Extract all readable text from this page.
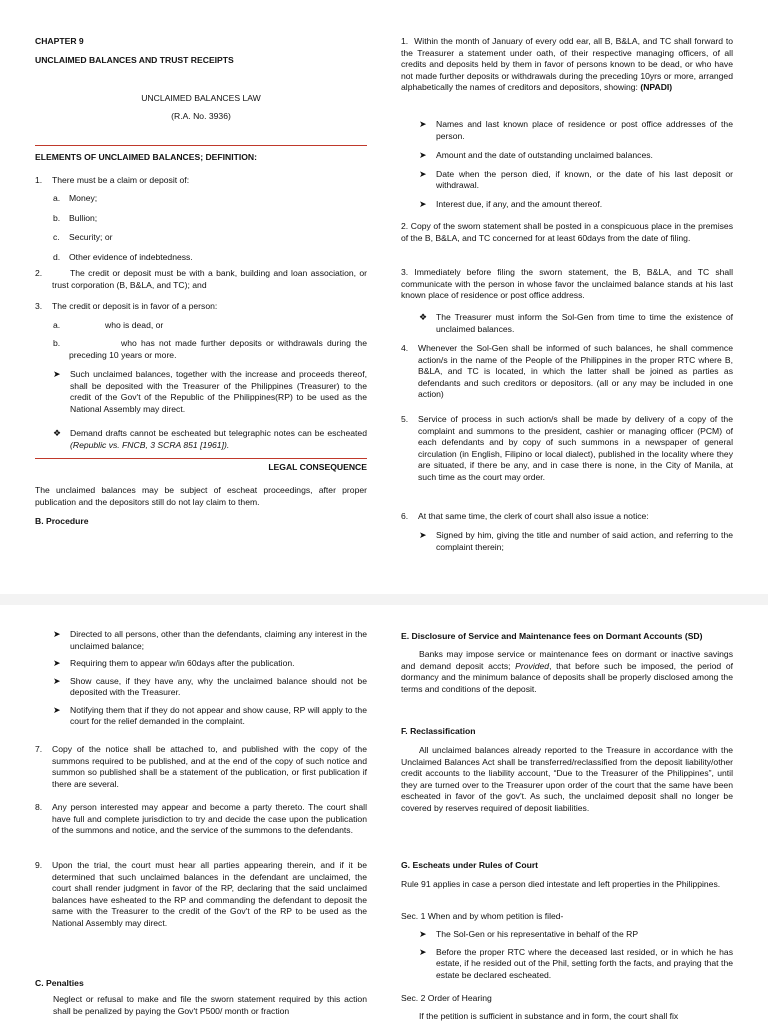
CHAPTER 9

UNCLAIMED BALANCES AND TRUST RECEIPTS

UNCLAIMED BALANCES LAW

(R.A. No. 3936)

ELEMENTS OF UNCLAIMED BALANCES; DEFINITION:

1.	There must be a claim or deposit of:
a.	Money;
b.	Bullion;
c.	Security; or
d.	Other evidence of indebtedness.
2.	The credit or deposit must be with a bank, building and loan association, or trust corporation (B, B&LA, and TC); and
3.	The credit or deposit is in favor of a person:
a.	who is dead, or
b.	who has not made further deposits or withdrawals during the preceding 10 years or more.
➤	Such unclaimed balances, together with the increase and proceeds thereof, shall be deposited with the Treasurer of the Philippines (Treasurer) to the credit of the Gov't of the Republic of the Philippines(RP) to be used as the National Assembly may direct.
❖	Demand drafts cannot be escheated but telegraphic notes can be escheated (Republic vs. FNCB, 3 SCRA 851 [1961]).

LEGAL CONSEQUENCE

The unclaimed balances may be subject of escheat proceedings, after proper publication and the depositors still do not lay claim to them.

B. Procedure

1. Within the month of January of every odd ear, all B, B&LA, and TC shall forward to the Treasurer a statement under oath, of their respective managing officers, of all credits and deposits held by them in favor of persons known to be dead, or who have not made further deposits or withdrawals during the preceding 10yrs or more, arranged alphabetically the names of creditors and depositors, showing: (NPADI)

➤	Names and last known place of residence or post office addresses of the person.
➤	Amount and the date of outstanding unclaimed balances.
➤	Date when the person died, if known, or the date of his last deposit or withdrawal.
➤	Interest due, if any, and the amount thereof.

2. Copy of the sworn statement shall be posted in a conspicuous place in the premises of the B, B&LA, and TC concerned for at least 60days from the date of filing.

3. Immediately before filing the sworn statement, the B, B&LA, and TC shall communicate with the person in whose favor the unclaimed balance stands at his last known place of residence or post office address.

❖	The Treasurer must inform the Sol-Gen from time to time the existence of unclaimed balances.
4.	Whenever the Sol-Gen shall be informed of such balances, he shall commence action/s in the name of the People of the Philippines in the proper RTC where B, B&LA, and TC is located, in which the latter shall be joined as parties as defendants and such creditors or depositors. (all or any may be included in one action)
5.	Service of process in such action/s shall be made by delivery of a copy of the complaint and summons to the president, cashier or managing officer (PCM) of each defendants and by copy of such summons in a newspaper of general circulation (in English, Filipino or local dialect), published in the locality where they are situated, if there be any, and in case there is none, in the City of Manila, at such time as the court may order.
6.	At that same time, the clerk of court shall also issue a notice:
➤	Signed by him, giving the title and number of said action, and referring to the complaint therein;
➤	Directed to all persons, other than the defendants, claiming any interest in the unclaimed balance;
➤	Requiring them to appear w/in 60days after the publication.
➤	Show cause, if they have any, why the unclaimed balance should not be deposited with the Treasurer.
➤	Notifying them that if they do not appear and show cause, RP will apply to the court for the relief demanded in the complaint.
7.	Copy of the notice shall be attached to, and published with the copy of the summons required to be published, and at the end of the copy of such notice and summon so published shall be a statement of the publication, or first publication if there are several.
8.	Any person interested may appear and become a party thereto. The court shall have full and complete jurisdiction to try and decide the case upon the publication of the summons and notice, and the service of the summons to the defendants.
9.	Upon the trial, the court must hear all parties appearing therein, and if it be determined that such unclaimed balances in the defendant are unclaimed, the court shall render judgment in favor of the RP, declaring that the said unclaimed balances have esheated to the RP and commanding the defendant to deposit the same with the Treasurer to the credit of the Gov't of the RP to be used as the National Assembly may direct.

C. Penalties

Neglect or refusal to make and file the sworn statement required by this action shall be penalized by paying the Gov't P500/ month or fraction

E. Disclosure of Service and Maintenance fees on Dormant Accounts (SD)

Banks may impose service or maintenance fees on dormant or inactive savings and demand deposit accts; Provided, that before such be imposed, the period of dormancy and the minimum balance of deposits shall be properly disclosed among the terms and conditions of the deposit.

F. Reclassification

All unclaimed balances already reported to the Treasure in accordance with the Unclaimed Balances Act shall be transferred/reclassified from the deposit liability/other credit accounts to the liability account, “Due to the Treasurer of the Philippines”, until they are turned over to the Treasurer upon order of the court that the same have been escheated in favor of the gov't. As such, the unclaimed deposit shall no longer be covered by reserves required of deposit liabilities.

G. Escheats under Rules of Court

Rule 91 applies in case a person died intestate and left properties in the Philippines.

Sec. 1 When and by whom petition is filed-

➤	The Sol-Gen or his representative in behalf of the RP
➤	Before the proper RTC where the deceased last resided, or in which he has estate, if he resided out of the Phil, setting forth the facts, and praying that the estate be declared escheated.

Sec. 2 Order of Hearing

If the petition is sufficient in substance and in form, the court shall fix
